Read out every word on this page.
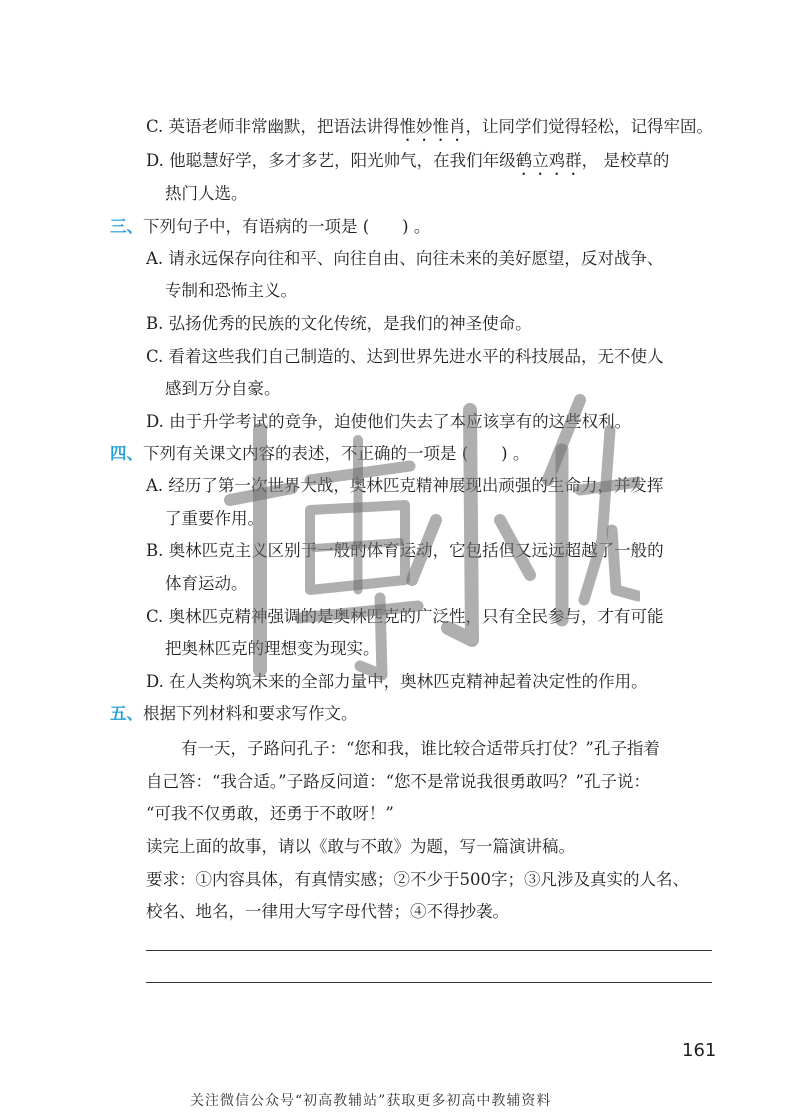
C. 英语老师非常幽默，把语法讲得惟妙惟肖，让同学们觉得轻松，记得牢固。
D. 他聪慧好学，多才多艺，阳光帅气，在我们年级鹤立鸡群， 是校草的
热门人选。
三、下列句子中，有语病的一项是 (　　) 。
A. 请永远保存向往和平、向往自由、向往未来的美好愿望，反对战争、
专制和恐怖主义。
B. 弘扬优秀的民族的文化传统，是我们的神圣使命。
C. 看着这些我们自己制造的、达到世界先进水平的科技展品，无不使人
感到万分自豪。
D. 由于升学考试的竞争，迫使他们失去了本应该享有的这些权利。
四、下列有关课文内容的表述，不正确的一项是 (　　) 。
A. 经历了第一次世界大战，奥林匹克精神展现出顽强的生命力，并发挥
了重要作用。
B. 奥林匹克主义区别于一般的体育运动，它包括但又远远超越了一般的
体育运动。
C. 奥林匹克精神强调的是奥林匹克的广泛性，只有全民参与，才有可能
把奥林匹克的理想变为现实。
D. 在人类构筑未来的全部力量中，奥林匹克精神起着决定性的作用。
五、根据下列材料和要求写作文。
有一天，子路问孔子：“您和我，谁比较合适带兵打仗？”孔子指着
自己答：“我合适。”子路反问道：“您不是常说我很勇敢吗？”孔子说：
“可我不仅勇敢，还勇于不敢呀！”
读完上面的故事，请以《敢与不敢》为题，写一篇演讲稿。
要求：①内容具体，有真情实感；②不少于500字；③凡涉及真实的人名、
校名、地名，一律用大写字母代替；④不得抄袭。
161
关注微信公众号“初高教辅站”获取更多初高中教辅资料
